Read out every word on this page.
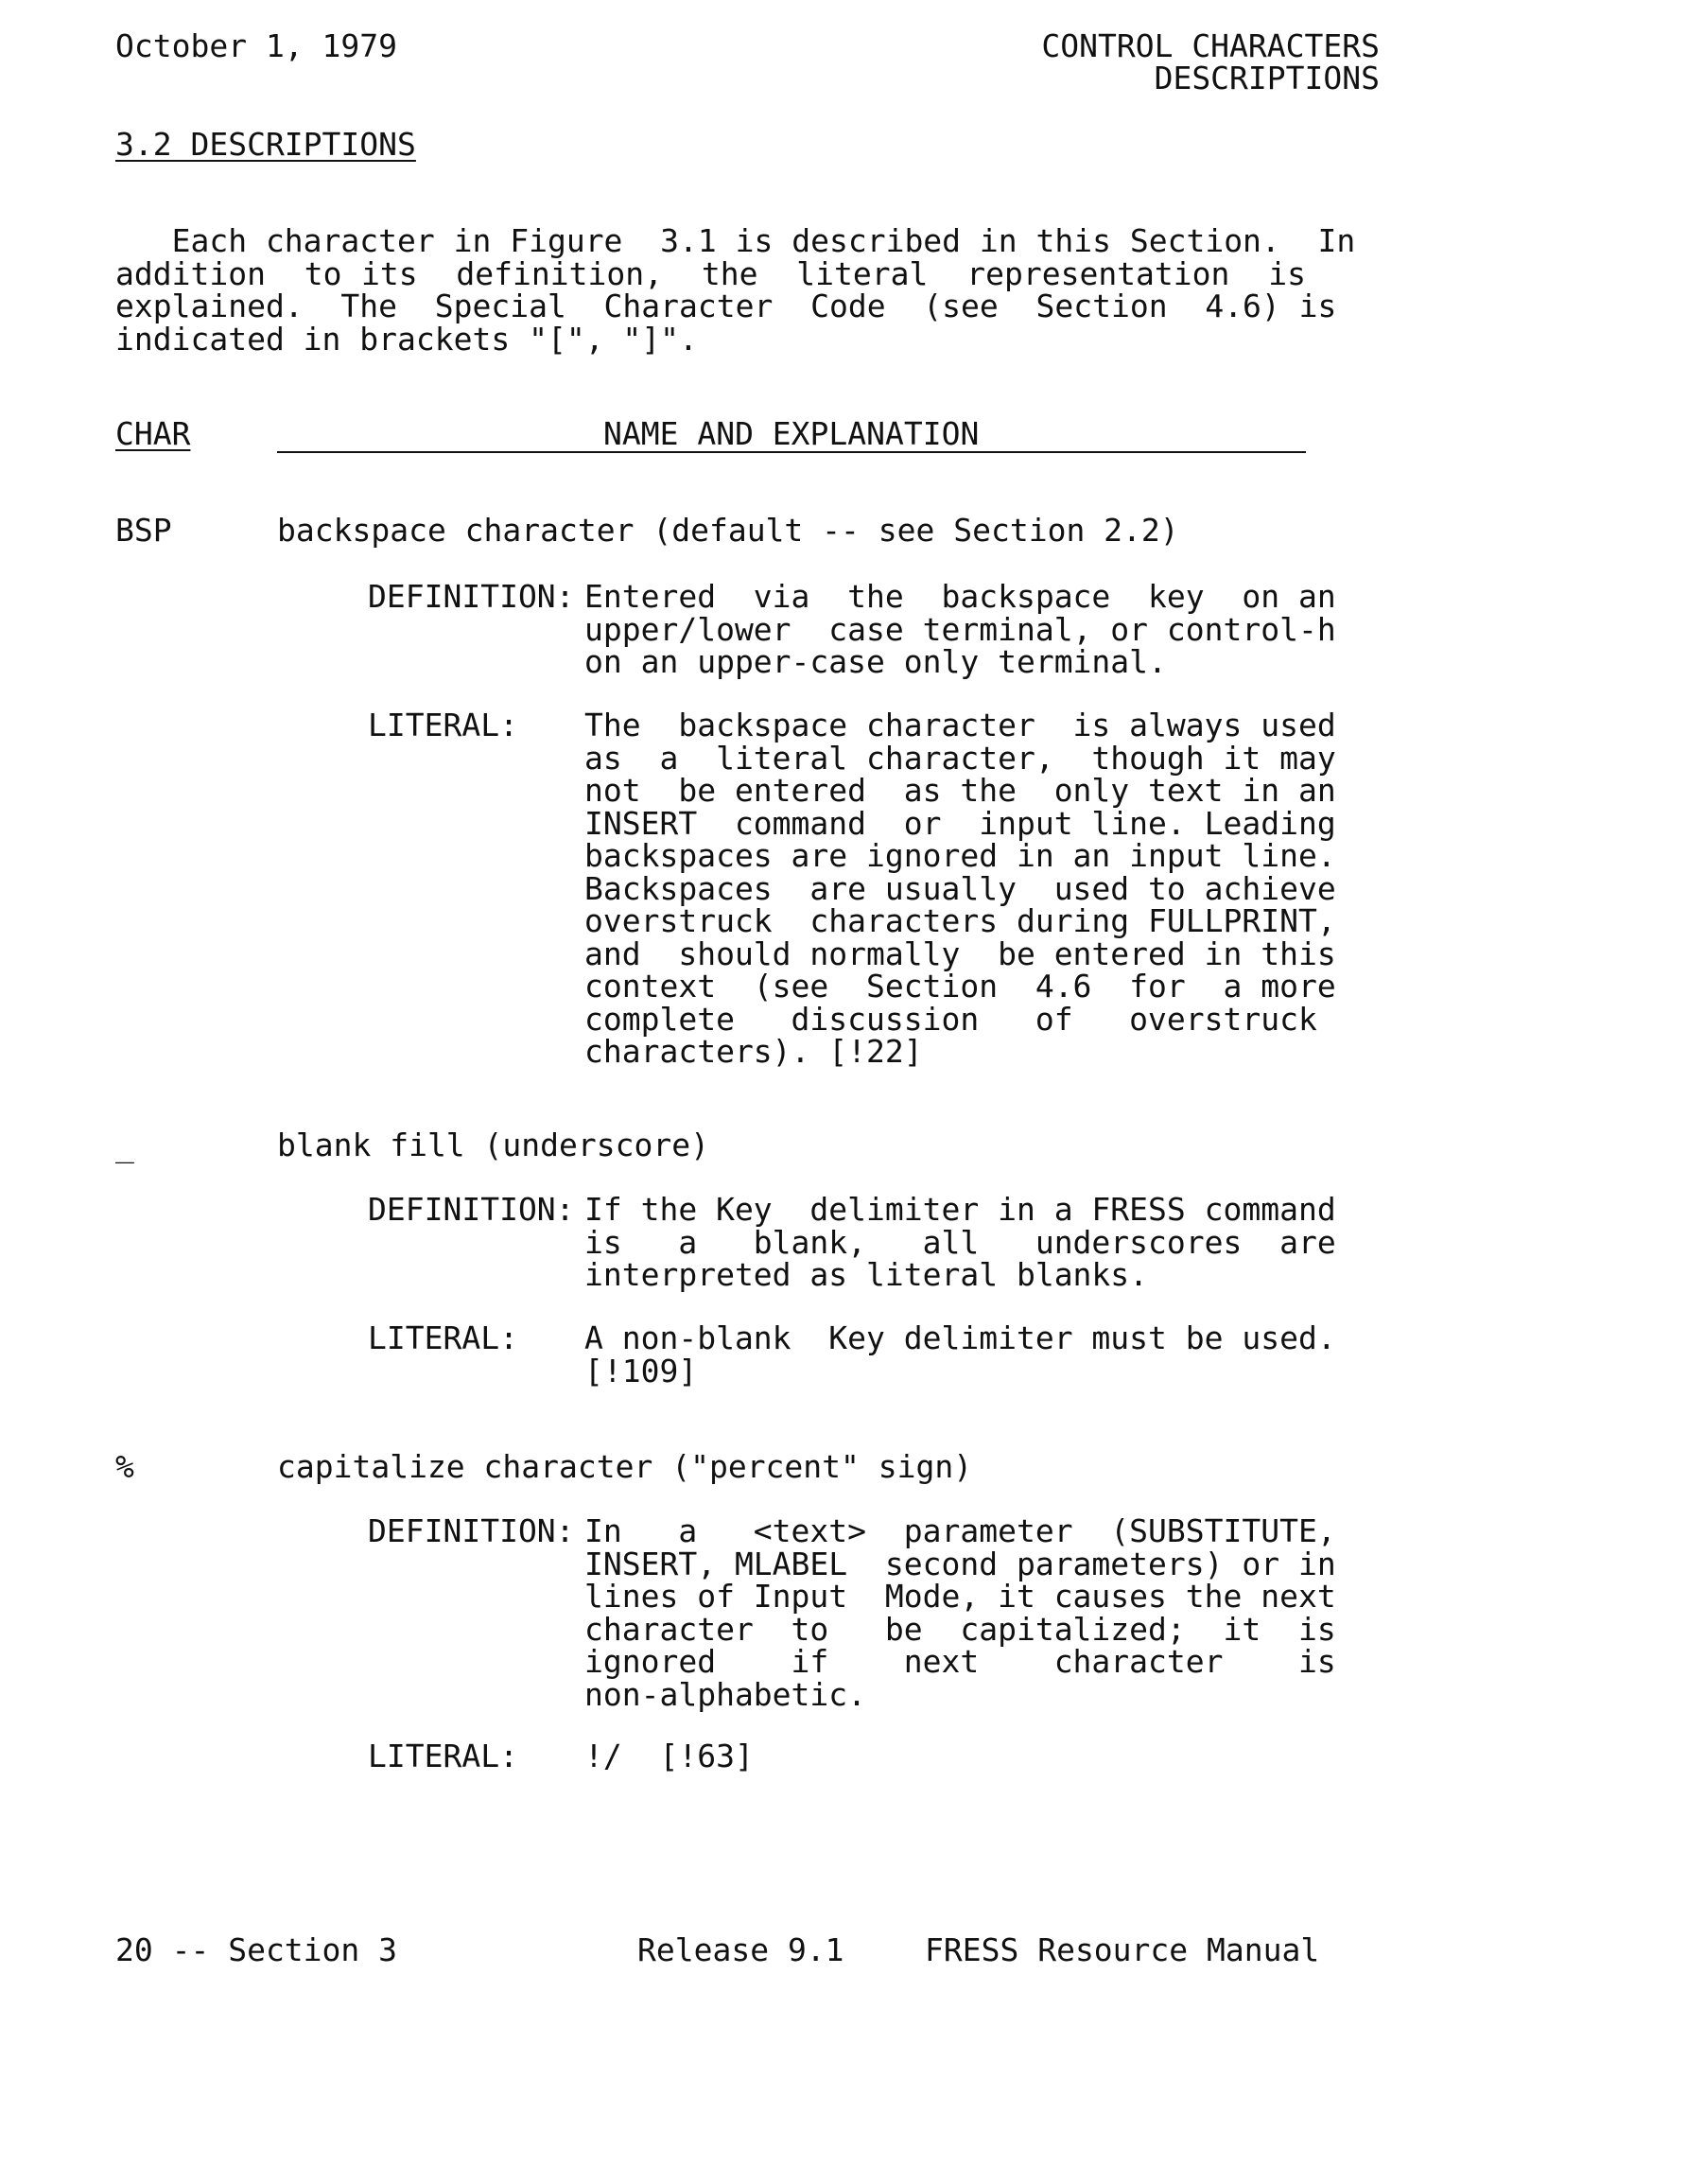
October 1, 1979	CONTROL CHARACTERS
DESCRIPTIONS
3.2 DESCRIPTIONS
Each character in Figure  3.1 is described in this Section.  In
addition  to its  definition,  the  literal  representation  is
explained.  The  Special  Character  Code  (see  Section  4.6) is
indicated in brackets "[", "]".
CHAR	NAME AND EXPLANATION
BSP	backspace character (default -- see Section 2.2)
DEFINITION: Entered  via  the  backspace  key  on an
upper/lower  case terminal, or control-h
on an upper-case only terminal.
LITERAL: The  backspace character  is always used
as  a  literal character,  though it may
not  be entered  as the  only text in an
INSERT  command  or  input line. Leading
backspaces are ignored in an input line.
Backspaces  are usually  used to achieve
overstruck  characters during FULLPRINT,
and  should normally  be entered in this
context  (see  Section  4.6  for  a more
complete   discussion   of   overstruck
characters). [!22]
_	blank fill (underscore)
DEFINITION: If the Key  delimiter in a FRESS command
is   a   blank,   all   underscores  are
interpreted as literal blanks.
LITERAL: A non-blank  Key delimiter must be used.
[!109]
%	capitalize character ("percent" sign)
DEFINITION: In   a   <text>  parameter  (SUBSTITUTE,
INSERT, MLABEL  second parameters) or in
lines of Input  Mode, it causes the next
character  to   be  capitalized;  it  is
ignored    if    next    character    is
non-alphabetic.
LITERAL: !/  [!63]
20 -- Section 3	Release 9.1	FRESS Resource Manual
